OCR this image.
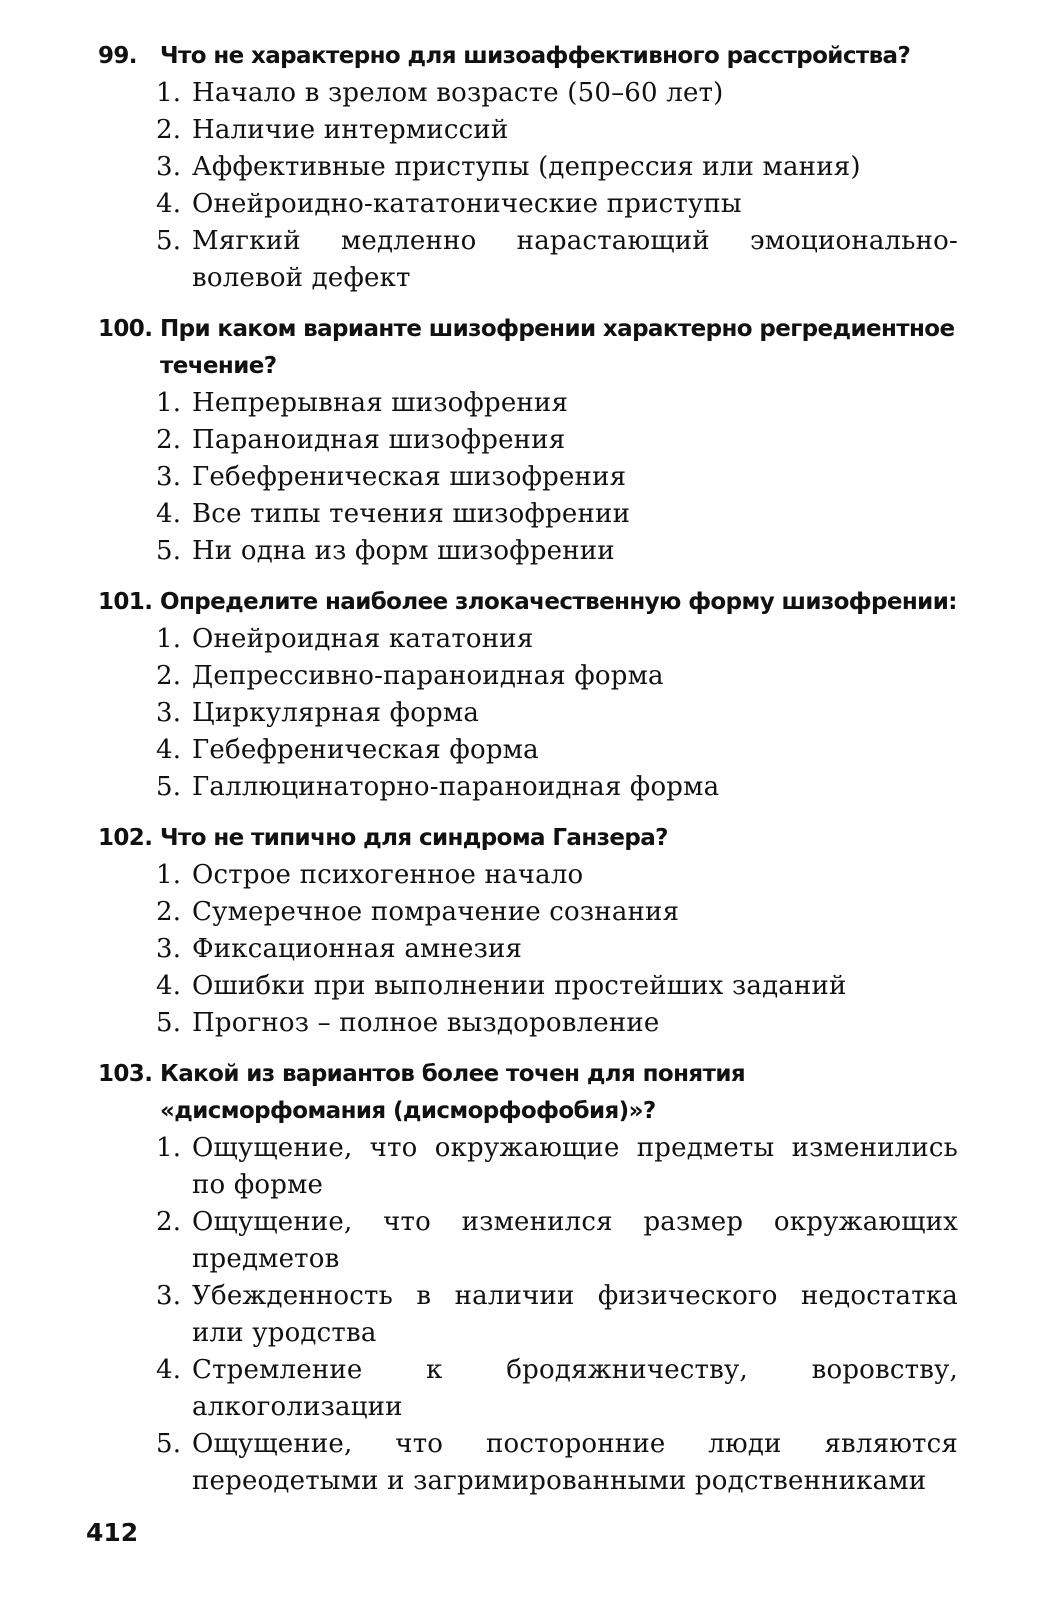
99.	Что не характерно для шизоаффективного расстройства?
1. Начало в зрелом возрасте (50–60 лет)
2. Наличие интермиссий
3. Аффективные приступы (депрессия или мания)
4. Онейроидно-кататонические приступы
5. Мягкий медленно нарастающий эмоционально-волевой дефект
100. При каком варианте шизофрении характерно регредиентное течение?
1. Непрерывная шизофрения
2. Параноидная шизофрения
3. Гебефреническая шизофрения
4. Все типы течения шизофрении
5. Ни одна из форм шизофрении
101. Определите наиболее злокачественную форму шизофрении:
1. Онейроидная кататония
2. Депрессивно-параноидная форма
3. Циркулярная форма
4. Гебефреническая форма
5. Галлюцинаторно-параноидная форма
102. Что не типично для синдрома Ганзера?
1. Острое психогенное начало
2. Сумеречное помрачение сознания
3. Фиксационная амнезия
4. Ошибки при выполнении простейших заданий
5. Прогноз – полное выздоровление
103. Какой из вариантов более точен для понятия «дисморфомания (дисморфофобия)»?
1. Ощущение, что окружающие предметы изменились по форме
2. Ощущение, что изменился размер окружающих предметов
3. Убежденность в наличии физического недостатка или уродства
4. Стремление к бродяжничеству, воровству, алкоголизации
5. Ощущение, что посторонние люди являются переодетыми и загримированными родственниками
412
